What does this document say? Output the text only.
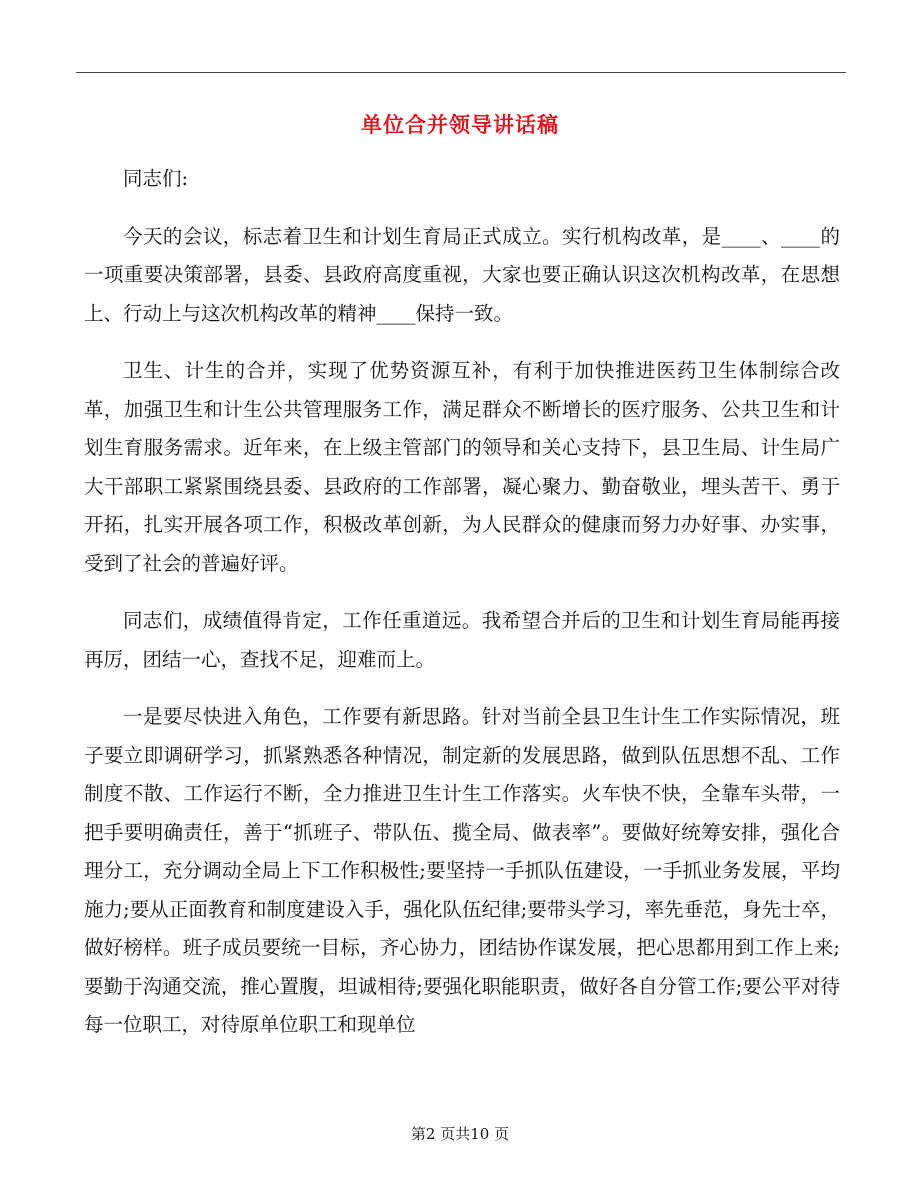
单位合并领导讲话稿

同志们:

今天的会议，标志着卫生和计划生育局正式成立。实行机构改革，是____、____的一项重要决策部署，县委、县政府高度重视，大家也要正确认识这次机构改革，在思想上、行动上与这次机构改革的精神____保持一致。

卫生、计生的合并，实现了优势资源互补，有利于加快推进医药卫生体制综合改革，加强卫生和计生公共管理服务工作，满足群众不断增长的医疗服务、公共卫生和计划生育服务需求。近年来，在上级主管部门的领导和关心支持下，县卫生局、计生局广大干部职工紧紧围绕县委、县政府的工作部署，凝心聚力、勤奋敬业，埋头苦干、勇于开拓，扎实开展各项工作，积极改革创新，为人民群众的健康而努力办好事、办实事，受到了社会的普遍好评。

同志们，成绩值得肯定，工作任重道远。我希望合并后的卫生和计划生育局能再接再厉，团结一心，查找不足，迎难而上。

一是要尽快进入角色，工作要有新思路。针对当前全县卫生计生工作实际情况，班子要立即调研学习，抓紧熟悉各种情况，制定新的发展思路，做到队伍思想不乱、工作制度不散、工作运行不断，全力推进卫生计生工作落实。火车快不快，全靠车头带，一把手要明确责任，善于“抓班子、带队伍、揽全局、做表率”。要做好统筹安排，强化合理分工，充分调动全局上下工作积极性;要坚持一手抓队伍建设，一手抓业务发展，平均施力;要从正面教育和制度建设入手，强化队伍纪律;要带头学习，率先垂范，身先士卒，做好榜样。班子成员要统一目标，齐心协力，团结协作谋发展，把心思都用到工作上来;要勤于沟通交流，推心置腹，坦诚相待;要强化职能职责，做好各自分管工作;要公平对待每一位职工，对待原单位职工和现单位

第2 页共10 页
